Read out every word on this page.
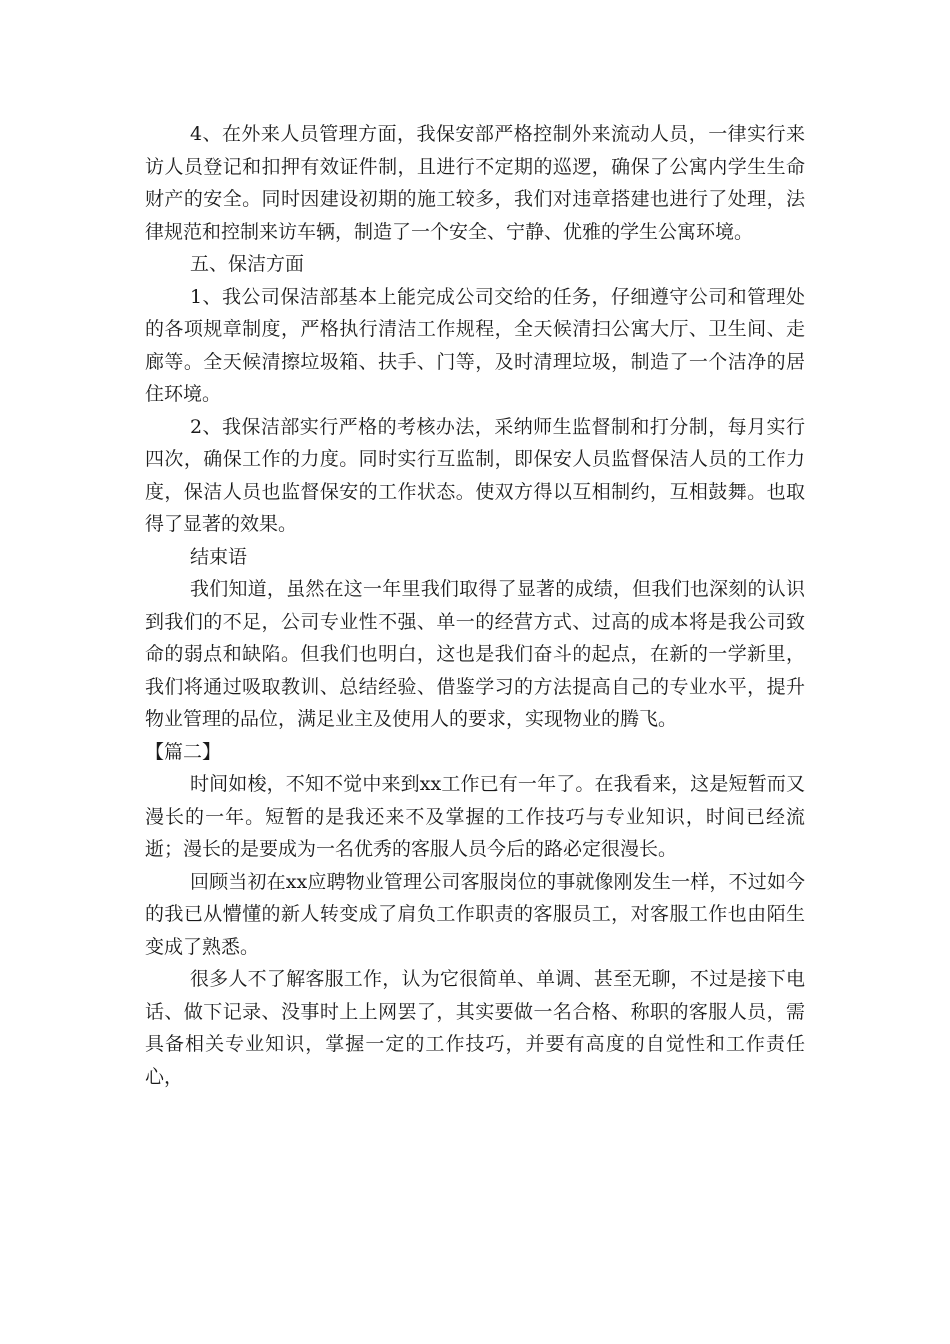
4、在外来人员管理方面，我保安部严格控制外来流动人员，一律实行来访人员登记和扣押有效证件制，且进行不定期的巡逻，确保了公寓内学生生命财产的安全。同时因建设初期的施工较多，我们对违章搭建也进行了处理，法律规范和控制来访车辆，制造了一个安全、宁静、优雅的学生公寓环境。

五、保洁方面

1、我公司保洁部基本上能完成公司交给的任务，仔细遵守公司和管理处的各项规章制度，严格执行清洁工作规程，全天候清扫公寓大厅、卫生间、走廊等。全天候清擦垃圾箱、扶手、门等，及时清理垃圾，制造了一个洁净的居住环境。

2、我保洁部实行严格的考核办法，采纳师生监督制和打分制，每月实行四次，确保工作的力度。同时实行互监制，即保安人员监督保洁人员的工作力度，保洁人员也监督保安的工作状态。使双方得以互相制约，互相鼓舞。也取得了显著的效果。

结束语

我们知道，虽然在这一年里我们取得了显著的成绩，但我们也深刻的认识到我们的不足，公司专业性不强、单一的经营方式、过高的成本将是我公司致命的弱点和缺陷。但我们也明白，这也是我们奋斗的起点，在新的一学新里，我们将通过吸取教训、总结经验、借鉴学习的方法提高自己的专业水平，提升物业管理的品位，满足业主及使用人的要求，实现物业的腾飞。

【篇二】

时间如梭，不知不觉中来到xx工作已有一年了。在我看来，这是短暂而又漫长的一年。短暂的是我还来不及掌握的工作技巧与专业知识，时间已经流逝；漫长的是要成为一名优秀的客服人员今后的路必定很漫长。

回顾当初在xx应聘物业管理公司客服岗位的事就像刚发生一样，不过如今的我已从懵懂的新人转变成了肩负工作职责的客服员工，对客服工作也由陌生变成了熟悉。

很多人不了解客服工作，认为它很简单、单调、甚至无聊，不过是接下电话、做下记录、没事时上上网罢了，其实要做一名合格、称职的客服人员，需具备相关专业知识，掌握一定的工作技巧，并要有高度的自觉性和工作责任心，
